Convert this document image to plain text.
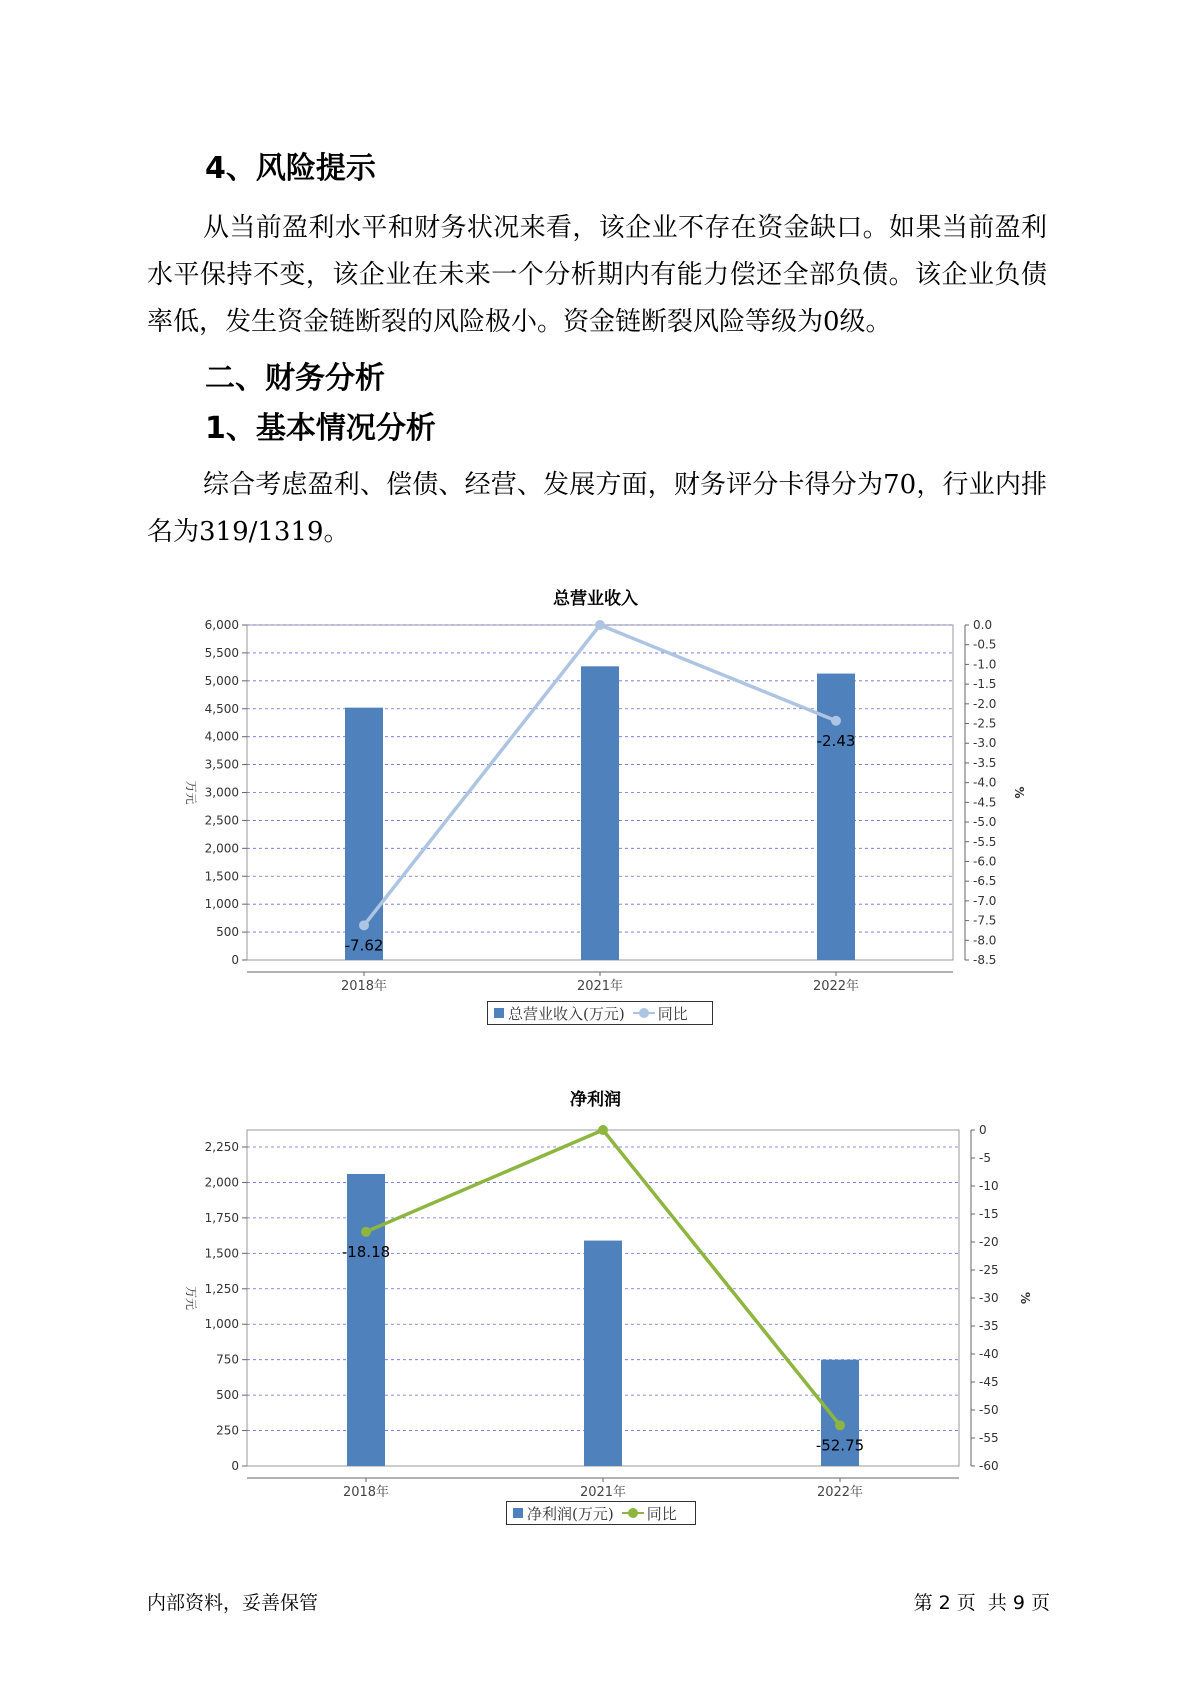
4、风险提示

从当前盈利水平和财务状况来看，该企业不存在资金缺口。如果当前盈利水平保持不变，该企业在未来一个分析期内有能力偿还全部负债。该企业负债率低，发生资金链断裂的风险极小。资金链断裂风险等级为0级。

二、财务分析
1、基本情况分析

综合考虑盈利、偿债、经营、发展方面，财务评分卡得分为70，行业内排名为319/1319。

总营业收入
0
500
1,000
1,500
2,000
2,500
3,000
3,500
4,000
4,500
5,000
5,500
6,000	0.0
-0.5
-1.0
-1.5
-2.0
-2.5
-3.0
-3.5
-4.0
-4.5
-5.0
-5.5
-6.0
-6.5
-7.0
-7.5
-8.0
-8.5
万元	%
2018年	2021年	2022年
-7.62
-2.43
总营业收入(万元) 同比
净利润
0
250
500
750
1,000
1,250
1,500
1,750
2,000
2,250
0
-5
-10
-15
-20
-25
-30
-35
-40
-45
-50
-55
-60
万元	%
2018年	2021年	2022年
-18.18
-52.75
净利润(万元) 同比
内部资料，妥善保管	第 2 页  共 9 页
